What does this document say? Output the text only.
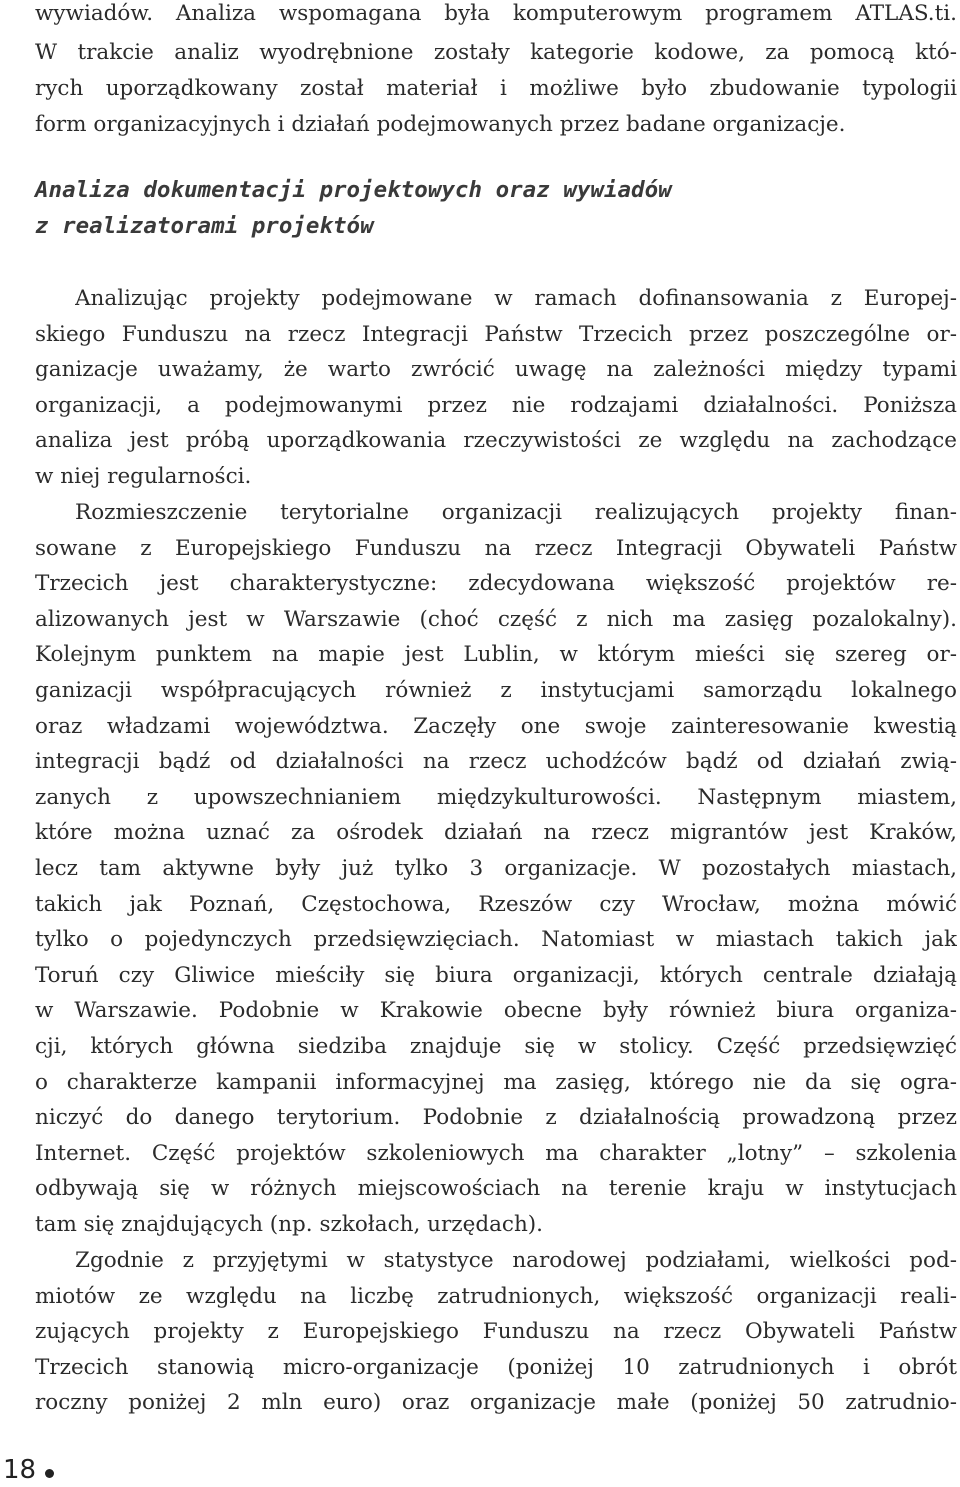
wywiadów. Analiza wspomagana była komputerowym programem ATLAS.ti.
W trakcie analiz wyodrębnione zostały kategorie kodowe, za pomocą któ-
rych uporządkowany został materiał i możliwe było zbudowanie typologii
form organizacyjnych i działań podejmowanych przez badane organizacje.
Analiza dokumentacji projektowych oraz wywiadów
z realizatorami projektów
Analizując projekty podejmowane w ramach dofinansowania z Europej-
skiego Funduszu na rzecz Integracji Państw Trzecich przez poszczególne or-
ganizacje uważamy, że warto zwrócić uwagę na zależności między typami
organizacji, a podejmowanymi przez nie rodzajami działalności. Poniższa
analiza jest próbą uporządkowania rzeczywistości ze względu na zachodzące
w niej regularności.
Rozmieszczenie terytorialne organizacji realizujących projekty finan-
sowane z Europejskiego Funduszu na rzecz Integracji Obywateli Państw
Trzecich jest charakterystyczne: zdecydowana większość projektów re-
alizowanych jest w Warszawie (choć część z nich ma zasięg pozalokalny).
Kolejnym punktem na mapie jest Lublin, w którym mieści się szereg or-
ganizacji współpracujących również z instytucjami samorządu lokalnego
oraz władzami województwa. Zaczęły one swoje zainteresowanie kwestią
integracji bądź od działalności na rzecz uchodźców bądź od działań zwią-
zanych z upowszechnianiem międzykulturowości. Następnym miastem,
które można uznać za ośrodek działań na rzecz migrantów jest Kraków,
lecz tam aktywne były już tylko 3 organizacje. W pozostałych miastach,
takich jak Poznań, Częstochowa, Rzeszów czy Wrocław, można mówić
tylko o pojedynczych przedsięwzięciach. Natomiast w miastach takich jak
Toruń czy Gliwice mieściły się biura organizacji, których centrale działają
w Warszawie. Podobnie w Krakowie obecne były również biura organiza-
cji, których główna siedziba znajduje się w stolicy. Część przedsięwzięć
o charakterze kampanii informacyjnej ma zasięg, którego nie da się ogra-
niczyć do danego terytorium. Podobnie z działalnością prowadzoną przez
Internet. Część projektów szkoleniowych ma charakter „lotny” – szkolenia
odbywają się w różnych miejscowościach na terenie kraju w instytucjach
tam się znajdujących (np. szkołach, urzędach).
Zgodnie z przyjętymi w statystyce narodowej podziałami, wielkości pod-
miotów ze względu na liczbę zatrudnionych, większość organizacji reali-
zujących projekty z Europejskiego Funduszu na rzecz Obywateli Państw
Trzecich stanowią micro-organizacje (poniżej 10 zatrudnionych i obrót
roczny poniżej 2 mln euro) oraz organizacje małe (poniżej 50 zatrudnio-
18
